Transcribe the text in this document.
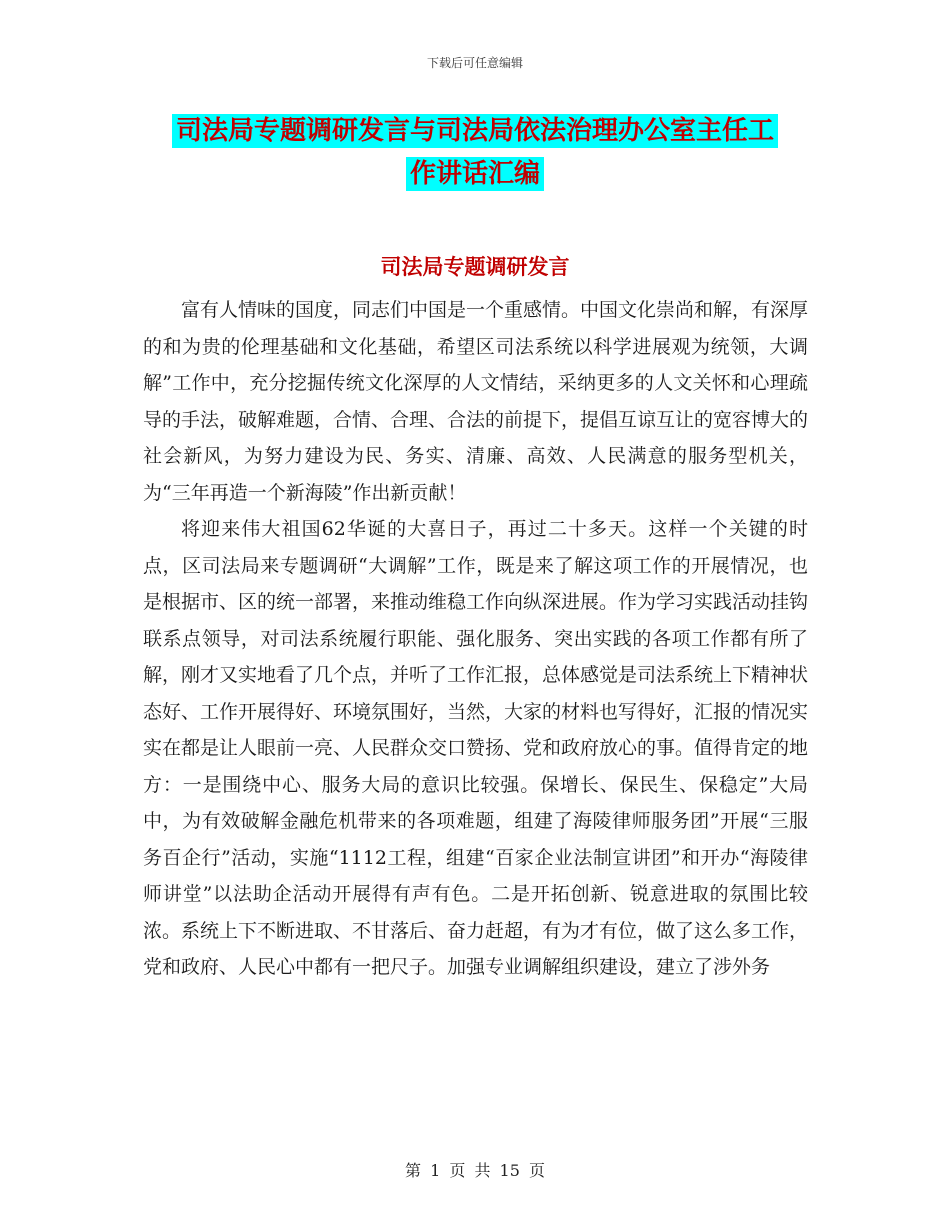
下载后可任意编辑
司法局专题调研发言与司法局依法治理办公室主任工
作讲话汇编
司法局专题调研发言

富有人情味的国度，同志们中国是一个重感情。中国文化崇尚和解，有深厚的和为贵的伦理基础和文化基础，希望区司法系统以科学进展观为统领，大调解”工作中，充分挖掘传统文化深厚的人文情结，采纳更多的人文关怀和心理疏导的手法，破解难题，合情、合理、合法的前提下，提倡互谅互让的宽容博大的社会新风，为努力建设为民、务实、清廉、高效、人民满意的服务型机关，为“三年再造一个新海陵”作出新贡献！

将迎来伟大祖国62华诞的大喜日子，再过二十多天。这样一个关键的时点，区司法局来专题调研“大调解”工作，既是来了解这项工作的开展情况，也是根据市、区的统一部署，来推动维稳工作向纵深进展。作为学习实践活动挂钩联系点领导，对司法系统履行职能、强化服务、突出实践的各项工作都有所了解，刚才又实地看了几个点，并听了工作汇报，总体感觉是司法系统上下精神状态好、工作开展得好、环境氛围好，当然，大家的材料也写得好，汇报的情况实实在都是让人眼前一亮、人民群众交口赞扬、党和政府放心的事。值得肯定的地方：一是围绕中心、服务大局的意识比较强。保增长、保民生、保稳定”大局中，为有效破解金融危机带来的各项难题，组建了海陵律师服务团”开展“三服务百企行”活动，实施“1112工程，组建“百家企业法制宣讲团”和开办“海陵律师讲堂”以法助企活动开展得有声有色。二是开拓创新、锐意进取的氛围比较浓。系统上下不断进取、不甘落后、奋力赶超，有为才有位，做了这么多工作，党和政府、人民心中都有一把尺子。加强专业调解组织建设，建立了涉外务

第 1 页 共 15 页
